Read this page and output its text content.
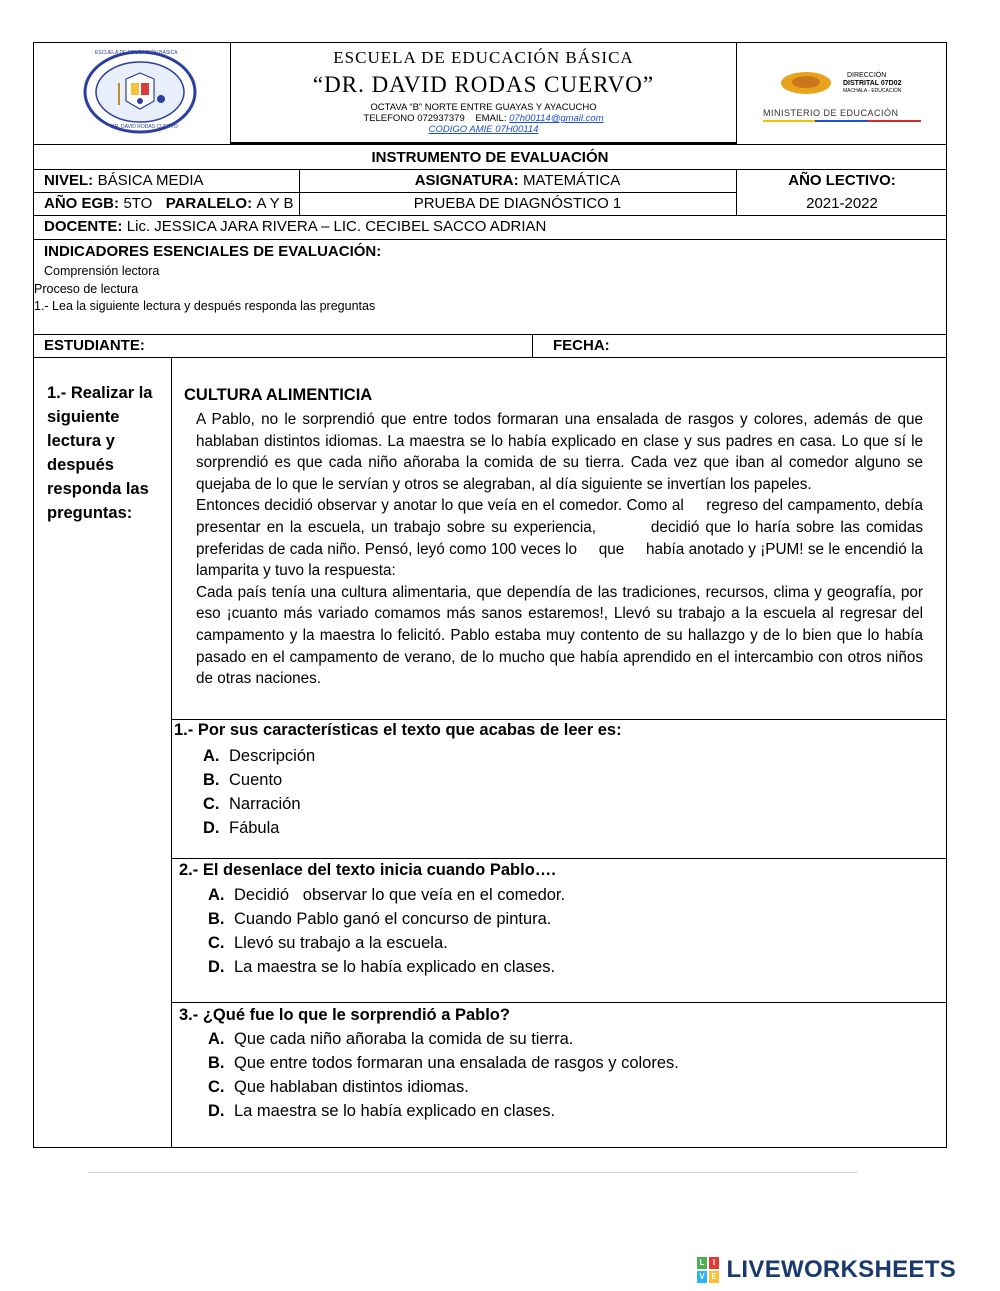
ESCUELA DE EDUCACIÓN BÁSICA
DR. DAVID RODAS CUERVO
ESCUELA DE EDUCACIÓN BÁSICA
“DR. DAVID RODAS CUERVO”
OCTAVA “B” NORTE ENTRE GUAYAS Y AYACUCHO
TELEFONO 072937379 EMAIL: 07h00114@gmail.com
CODIGO AMIE 07H00114
DIRECCIÓN
DISTRITAL 07D02
MACHALA - EDUCACIÓN
MINISTERIO DE EDUCACIÓN
INSTRUMENTO DE EVALUACIÓN
NIVEL: BÁSICA MEDIA	ASIGNATURA: MATEMÁTICA	AÑO LECTIVO:
2021-2022
AÑO EGB: 5TO PARALELO: A Y B	PRUEBA DE DIAGNÓSTICO 1
DOCENTE: Lic. JESSICA JARA RIVERA – LIC. CECIBEL SACCO ADRIAN
INDICADORES ESENCIALES DE EVALUACIÓN:
Comprensión lectora
Proceso de lectura
1.- Lea la siguiente lectura y después responda las preguntas
ESTUDIANTE:	FECHA:
1.- Realizar la
siguiente
lectura y
después
responda las
preguntas:
CULTURA ALIMENTICIA

A Pablo, no le sorprendió que entre todos formaran una ensalada de rasgos y colores, además de que hablaban distintos idiomas. La maestra se lo había explicado en clase y sus padres en casa. Lo que sí le sorprendió es que cada niño añoraba la comida de su tierra. Cada vez que iban al comedor alguno se quejaba de lo que le servían y otros se alegraban, al día siguiente se invertían los papeles.

Entonces decidió observar y anotar lo que veía en el comedor. Como al     regreso del campamento, debía presentar en la escuela, un trabajo sobre su experiencia,         decidió que lo haría sobre las comidas preferidas de cada niño. Pensó, leyó como 100 veces lo     que     había anotado y ¡PUM! se le encendió la lamparita y tuvo la respuesta:

Cada país tenía una cultura alimentaria, que dependía de las tradiciones, recursos, clima y geografía, por eso ¡cuanto más variado comamos más sanos estaremos!, Llevó su trabajo a la escuela al regresar del campamento y la maestra lo felicitó. Pablo estaba muy contento de su hallazgo y de lo bien que lo había pasado en el campamento de verano, de lo mucho que había aprendido en el intercambio con otros niños de otras naciones.

1.- Por sus características el texto que acabas de leer es:
A. Descripción
B. Cuento
C. Narración
D. Fábula
2.- El desenlace del texto inicia cuando Pablo….
A. Decidió   observar lo que veía en el comedor.
B. Cuando Pablo ganó el concurso de pintura.
C. Llevó su trabajo a la escuela.
D. La maestra se lo había explicado en clases.
3.- ¿Qué fue lo que le sorprendió a Pablo?
A. Que cada niño añoraba la comida de su tierra.
B. Que entre todos formaran una ensalada de rasgos y colores.
C. Que hablaban distintos idiomas.
D. La maestra se lo había explicado en clases.
L	I
V E LIVEWORKSHEETS
